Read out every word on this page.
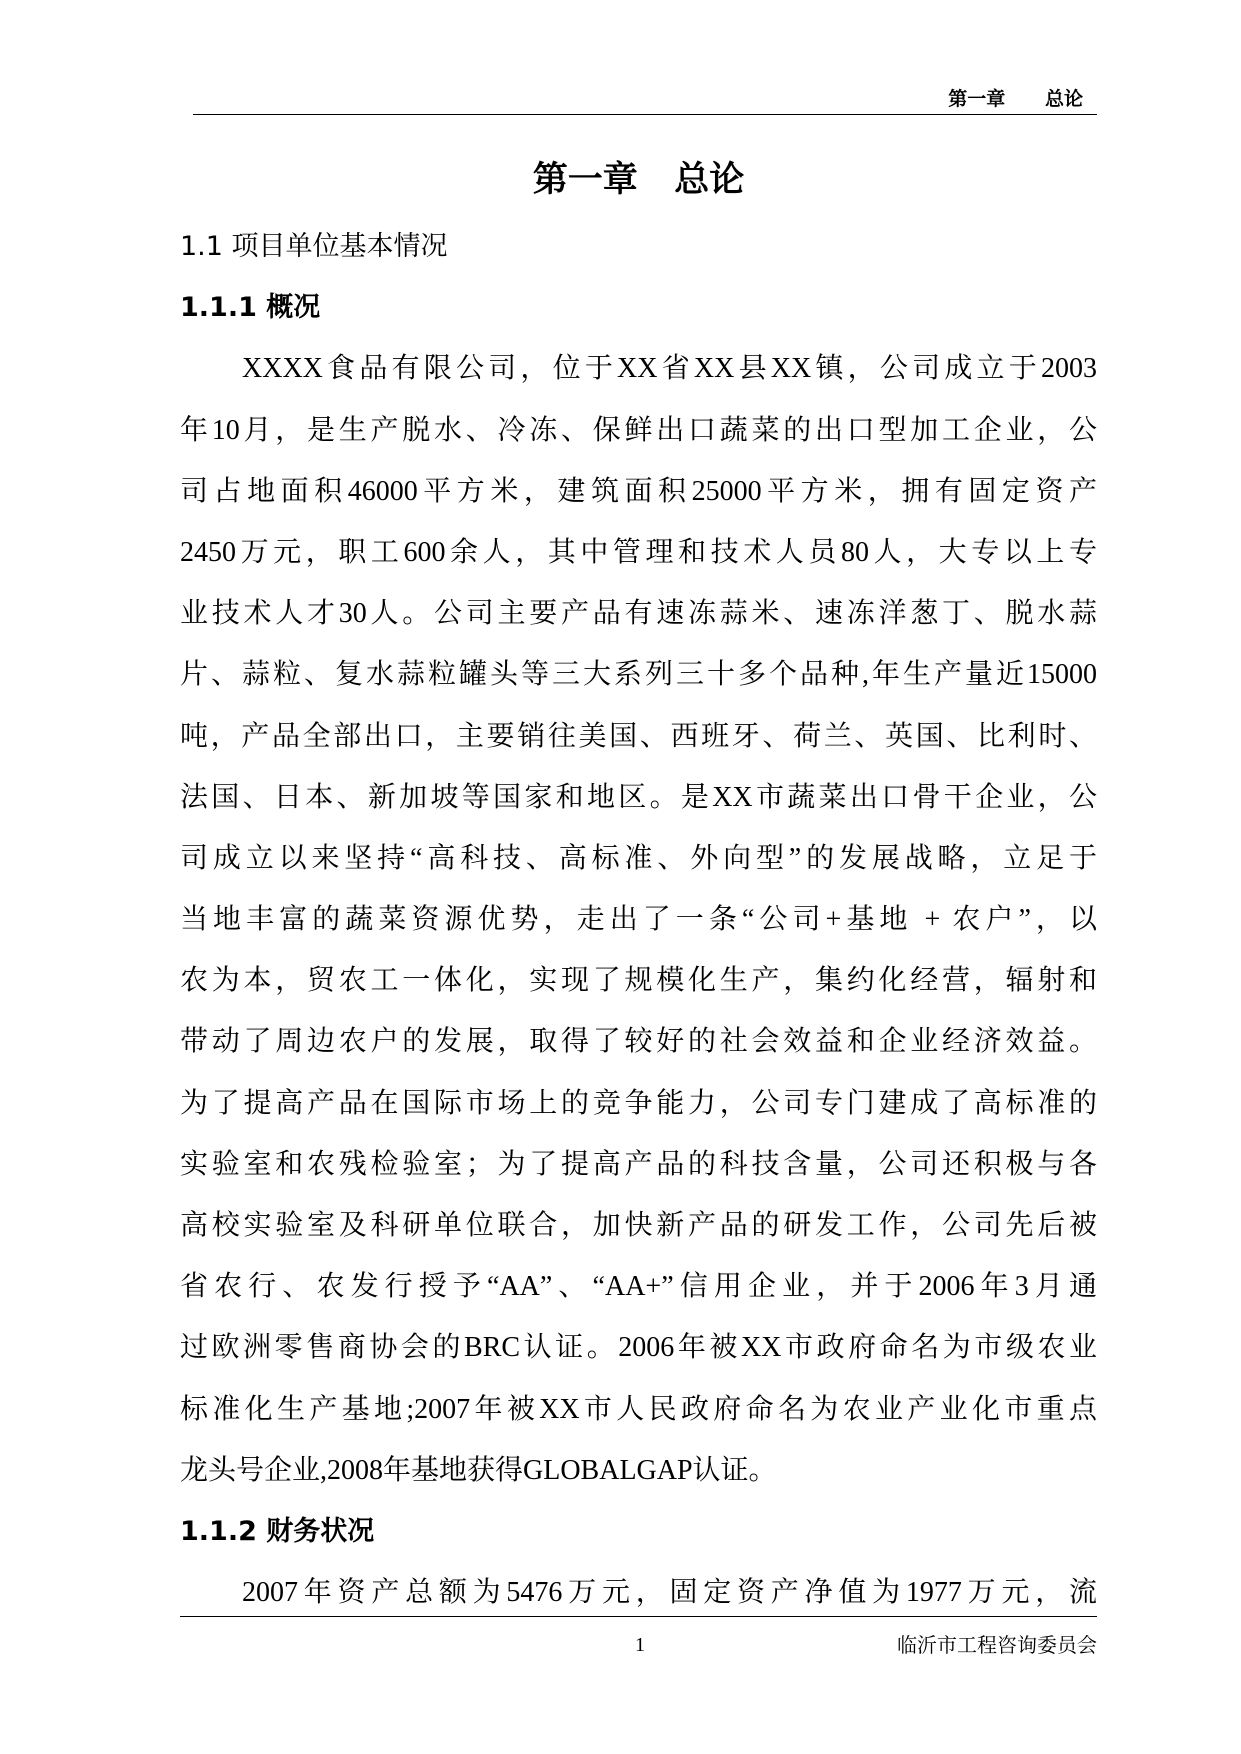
第一章      总论
第一章   总论
1.1 项目单位基本情况
1.1.1 概况
XXXX食品有限公司，位于XX省XX县XX镇，公司成立于2003
年10月，是生产脱水、冷冻、保鲜出口蔬菜的出口型加工企业，公
司占地面积46000平方米，建筑面积25000平方米，拥有固定资产
2450万元，职工600余人，其中管理和技术人员80人，大专以上专
业技术人才30人。公司主要产品有速冻蒜米、速冻洋葱丁、脱水蒜
片、蒜粒、复水蒜粒罐头等三大系列三十多个品种,年生产量近15000
吨，产品全部出口，主要销往美国、西班牙、荷兰、英国、比利时、
法国、日本、新加坡等国家和地区。是XX市蔬菜出口骨干企业，公
司成立以来坚持“高科技、高标准、外向型”的发展战略，立足于
当地丰富的蔬菜资源优势，走出了一条“公司+基地 + 农户”，以
农为本，贸农工一体化，实现了规模化生产，集约化经营，辐射和
带动了周边农户的发展，取得了较好的社会效益和企业经济效益。
为了提高产品在国际市场上的竞争能力，公司专门建成了高标准的
实验室和农残检验室；为了提高产品的科技含量，公司还积极与各
高校实验室及科研单位联合，加快新产品的研发工作，公司先后被
省农行、农发行授予“AA”、“AA+”信用企业，并于2006年3月通
过欧洲零售商协会的BRC认证。2006年被XX市政府命名为市级农业
标准化生产基地;2007年被XX市人民政府命名为农业产业化市重点
龙头号企业,2008年基地获得GLOBALGAP认证。
1.1.2 财务状况
2007年资产总额为5476万元，固定资产净值为1977万元，流
1	临沂市工程咨询委员会
